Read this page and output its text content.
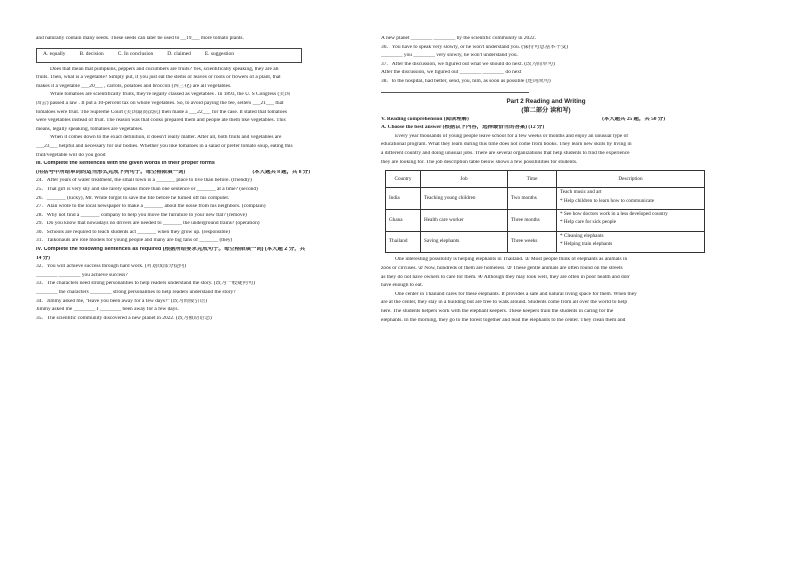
and naturally contain many seeds. These seeds can later be used to __19___ more tomato plants.
A. equally	B. decision	C. In conclusion	D. claimed	E. suggestion
Does that mean that pumpkins, peppers and cucumbers are fruits? Yes, scientifically speaking, they are all
fruits. Then, what is a vegetable? Simply put, if you just eat the stems or leaves or roots or flowers of a plant, that
makes it a vegetable ___20___ , carrots, potatoes and broccoli (西兰花) are all vegetables.
While tomatoes are scientifically fruits, they're legally classed as vegetables . In 1893, the U. S Congress (美国
国会) passed a law . It put a 10-percent tax on whole vegetables. So, to avoid paying the fee, sellers ___21___ that
tomatoes were fruit. The Supreme Court (美国最高法院) then made a ___22___ for the case. It stated that tomatoes
were vegetables instead of fruit. The reason was that cooks prepared them and people ate them like vegetables. This
means, legally speaking, tomatoes are vegetables.
When it comes down to the exact definition, it doesn't really matter. After all, both fruits and vegetables are
___23___ helpful and necessary for our bodies. Whether you like tomatoes in a salad or prefer tomato soup, eating this
fruit/vegetable will do you good
III. Complete the sentences with the given words in their proper forms
(用括号中所给单词的适当形式完成下列句子。每空格限填一词)	(本大题共 8 题，共 8 分)
24．After years of water treatment, the small town is a _______ place to live than before. (friendly)
25．That girl is very shy and she rarely speaks more than one sentence or _______ at a time? (second)
26．_______ (lucky), Mr. White forgot to save the file before he turned off his computer.
27．Alan wrote to the local newspaper to make a _______ about the noise from his neighbors. (complain)
28．Why not find a _______ company to help you move the furniture to your new flat? (remove)
29．Do you know that nowadays no drivers are needed to _______ the underground trains? (operation)
30．Schools are required to teach students act _______ when they grow up. (responsible)
31．Taikonauts are role models for young people and many are big fans of _______ (they)
IV. Complete the following sentences as required (根据所给要求完成句子。每空格限填一词) (本大题 2 分，共
14 分)
32．You will achieve success through hard work. (对划线部分提问)
________ ________ you achieve success?
33．The characters need strong personalities to help readers understand the story. (改为一般疑问句)
________ the characters ________ strong personalities to help readers understand the story?
34．Jimmy asked me, "Have you been away for a few days?" (改为间接引语)
Jimmy asked me ________ I ________ been away for a few days.
35．The scientific community discovered a new planet in 2022. (改为被动语态)
A new planet ________ ________ by the scientific community in 2022.
36．You have to speak very slowly, or he won't understand you. (保持句意基本不变)
________ you ________ very slowly, he won't understand you.
37．After the discussion, we figured out what we should do next. (改为简单句)
After the discussion, we figured out ________ ________ do next
38．to the hospital, had better, send, you, him, as soon as possible (连词成句)
Part 2 Reading and Writing
(第二部分 读和写)
V. Reading comprehension (阅读理解)	(本大题共 25 题，共 50 分)
A. Choose the best answer (根据以下内容，选择最恰当的答案) (12 分)
Every year thousands of young people leave school for a few weeks or months and enjoy an unusual type of
educational program. What they learn during this time does not come from books. They learn new skills by living in
a different country and doing unusual jobs. There are several organizations that help students to find the experience
they are looking for. The job description table below shows a few possibilities for students.
Country	Job	Time	Description
India	Teaching young children	Two months	Teach music and art
* Help children to learn how to communicate

Ghana	Health care worker	Three months	* See how doctors work in a less developed country
* Help care for sick people

Thailand	Saving elephants	Three weeks	* Cleaning elephants
* Helping train elephants
One interesting possibility is helping elephants in Thailand. ① Most people think of elephants as animals in
zoos or circuses. ② Now, hundreds of them are homeless. ③ These gentle animals are often found on the streets
as they do not have owners to care for them. ④ Although they may look well, they are often in poor health and don'
have enough to eat.
One center in Thailand cares for these elephants. It provides a safe and natural living space for them. When they
are at the center, they stay in a building but are free to walk around. Students come from all over the world to help
here. The students helpers work with the elephant keepers. These keepers train the students in caring for the
elephants. In the morning, they go to the forest together and lead the elephants to the center. They clean them and
